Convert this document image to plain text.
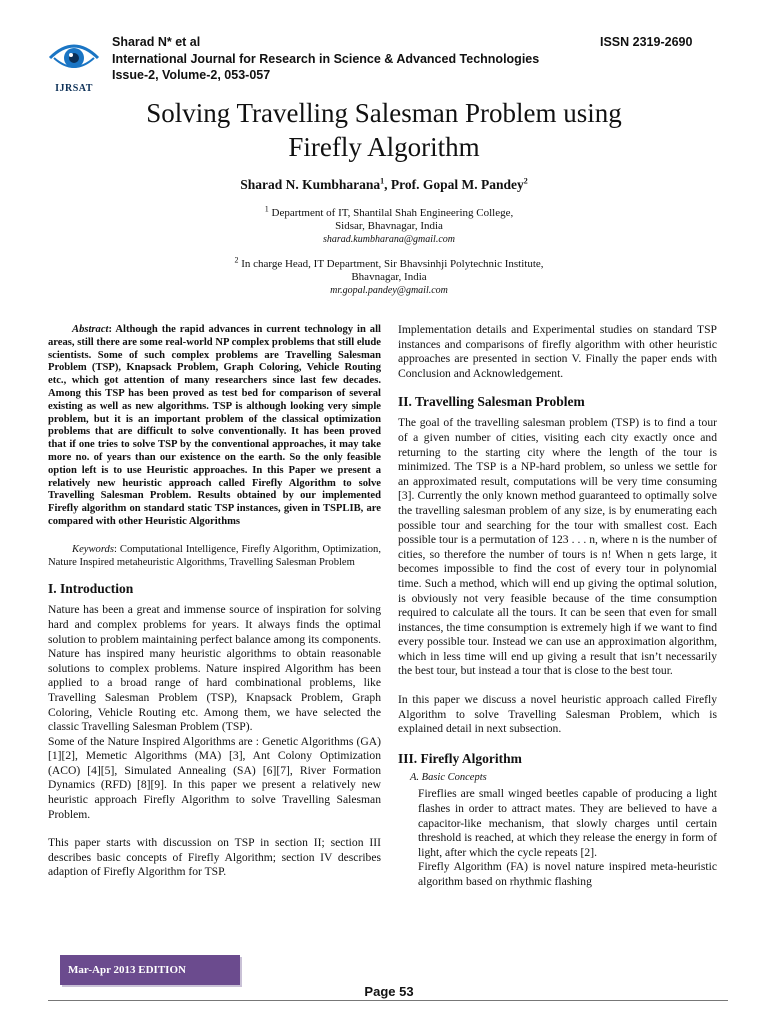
IJRSAT
Sharad N* et al	ISSN 2319-2690
International Journal for Research in Science & Advanced Technologies
Issue-2, Volume-2, 053-057
Solving Travelling Salesman Problem using
Firefly Algorithm
Sharad N. Kumbharana$^1$, Prof. Gopal M. Pandey$^2$
$^1$ Department of IT, Shantilal Shah Engineering College,
Sidsar, Bhavnagar, India
sharad.kumbharana@gmail.com
$^2$ In charge Head, IT Department, Sir Bhavsinhji Polytechnic Institute,
Bhavnagar, India
mr.gopal.pandey@gmail.com

Abstract: Although the rapid advances in current technology in all areas, still there are some real-world NP complex problems that still elude scientists. Some of such complex problems are Travelling Salesman Problem (TSP), Knapsack Problem, Graph Coloring, Vehicle Routing etc., which got attention of many researchers since last few decades. Among this TSP has been proved as test bed for comparison of several existing as well as new algorithms. TSP is although looking very simple problem, but it is an important problem of the classical optimization problems that are difficult to solve conventionally. It has been proved that if one tries to solve TSP by the conventional approaches, it may take more no. of years than our existence on the earth. So the only feasible option left is to use Heuristic approaches. In this Paper we present a relatively new heuristic approach called Firefly Algorithm to solve Travelling Salesman Problem. Results obtained by our implemented Firefly algorithm on standard static TSP instances, given in TSPLIB, are compared with other Heuristic Algorithms

Keywords: Computational Intelligence, Firefly Algorithm, Optimization, Nature Inspired metaheuristic Algorithms, Travelling Salesman Problem

I. Introduction

Nature has been a great and immense source of inspiration for solving hard and complex problems for years. It always finds the optimal solution to problem maintaining perfect balance among its components. Nature has inspired many heuristic algorithms to obtain reasonable solutions to complex problems. Nature inspired Algorithm has been applied to a broad range of hard combinational problems, like Travelling Salesman Problem (TSP), Knapsack Problem, Graph Coloring, Vehicle Routing etc. Among them, we have selected the classic Travelling Salesman Problem (TSP).

Some of the Nature Inspired Algorithms are : Genetic Algorithms (GA) [1][2], Memetic Algorithms (MA) [3], Ant Colony Optimization (ACO) [4][5], Simulated Annealing (SA) [6][7], River Formation Dynamics (RFD) [8][9]. In this paper we present a relatively new heuristic approach Firefly Algorithm to solve Travelling Salesman Problem.

This paper starts with discussion on TSP in section II; section III describes basic concepts of Firefly Algorithm; section IV describes adaption of Firefly Algorithm for TSP.

Implementation details and Experimental studies on standard TSP instances and comparisons of firefly algorithm with other heuristic approaches are presented in section V. Finally the paper ends with Conclusion and Acknowledgement.

II. Travelling Salesman Problem

The goal of the travelling salesman problem (TSP) is to find a tour of a given number of cities, visiting each city exactly once and returning to the starting city where the length of the tour is minimized. The TSP is a NP-hard problem, so unless we settle for an approximated result, computations will be very time consuming [3]. Currently the only known method guaranteed to optimally solve the travelling salesman problem of any size, is by enumerating each possible tour and searching for the tour with smallest cost. Each possible tour is a permutation of 123 . . . n, where n is the number of cities, so therefore the number of tours is n! When n gets large, it becomes impossible to find the cost of every tour in polynomial time. Such a method, which will end up giving the optimal solution, is obviously not very feasible because of the time consumption required to calculate all the tours. It can be seen that even for small instances, the time consumption is extremely high if we want to find every possible tour. Instead we can use an approximation algorithm, which in less time will end up giving a result that isn’t necessarily the best tour, but instead a tour that is close to the best tour.

In this paper we discuss a novel heuristic approach called Firefly Algorithm to solve Travelling Salesman Problem, which is explained detail in next subsection.

III. Firefly Algorithm

A. Basic Concepts

Fireflies are small winged beetles capable of producing a light flashes in order to attract mates. They are believed to have a capacitor-like mechanism, that slowly charges until certain threshold is reached, at which they release the energy in form of light, after which the cycle repeats [2].

Firefly Algorithm (FA) is novel nature inspired meta-heuristic algorithm based on rhythmic flashing

Mar-Apr 2013 EDITION
Page 53
